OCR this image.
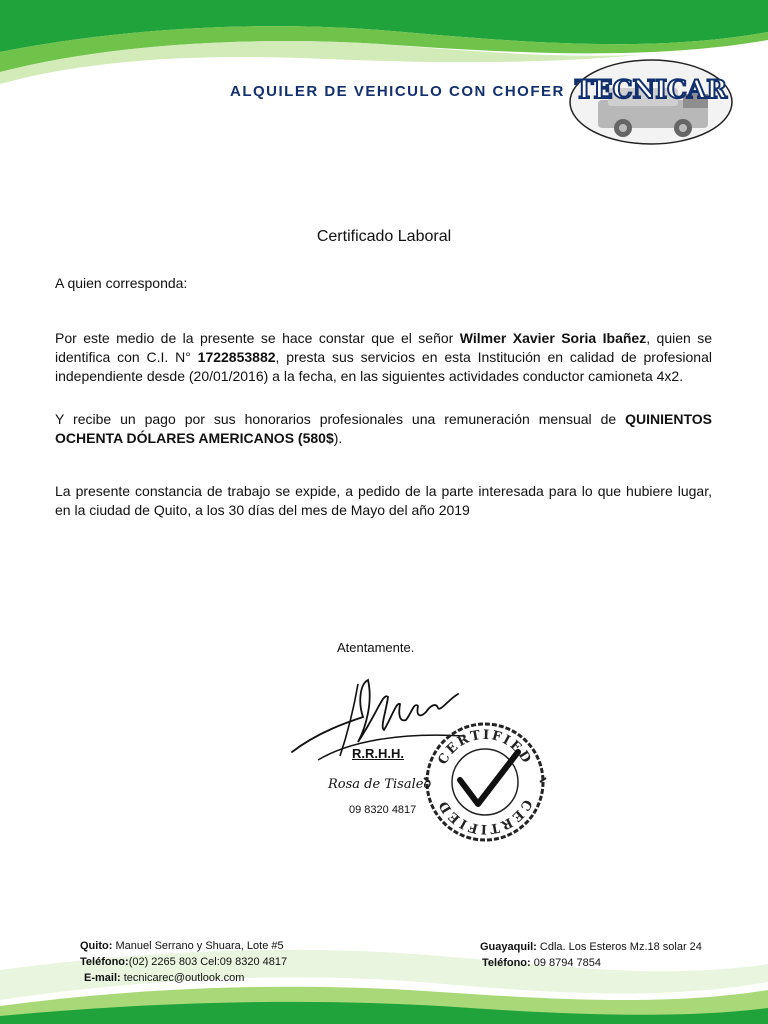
ALQUILER DE VEHICULO CON CHOFER TECNICAR
Certificado Laboral
A quien corresponda:
Por este medio de la presente se hace constar que el señor Wilmer Xavier Soria Ibañez, quien se identifica con C.I. N° 1722853882, presta sus servicios en esta Institución en calidad de profesional independiente desde (20/01/2016) a la fecha, en las siguientes actividades conductor camioneta 4x2.
Y recibe un pago por sus honorarios profesionales una remuneración mensual de QUINIENTOS OCHENTA DÓLARES AMERICANOS (580$).
La presente constancia de trabajo se expide, a pedido de la parte interesada para lo que hubiere lugar, en la ciudad de Quito, a los 30 días del mes de Mayo del año 2019
Atentamente.
CERTIFIED
CERTIFIED
R.R.H.H.
Rosa de Tisaleo
09 8320 4817
Quito: Manuel Serrano y Shuara, Lote #5
Teléfono:(02) 2265 803 Cel:09 8320 4817
E-mail: tecnicarec@outlook.com
Guayaquil: Cdla. Los Esteros Mz.18 solar 24
Teléfono: 09 8794 7854
